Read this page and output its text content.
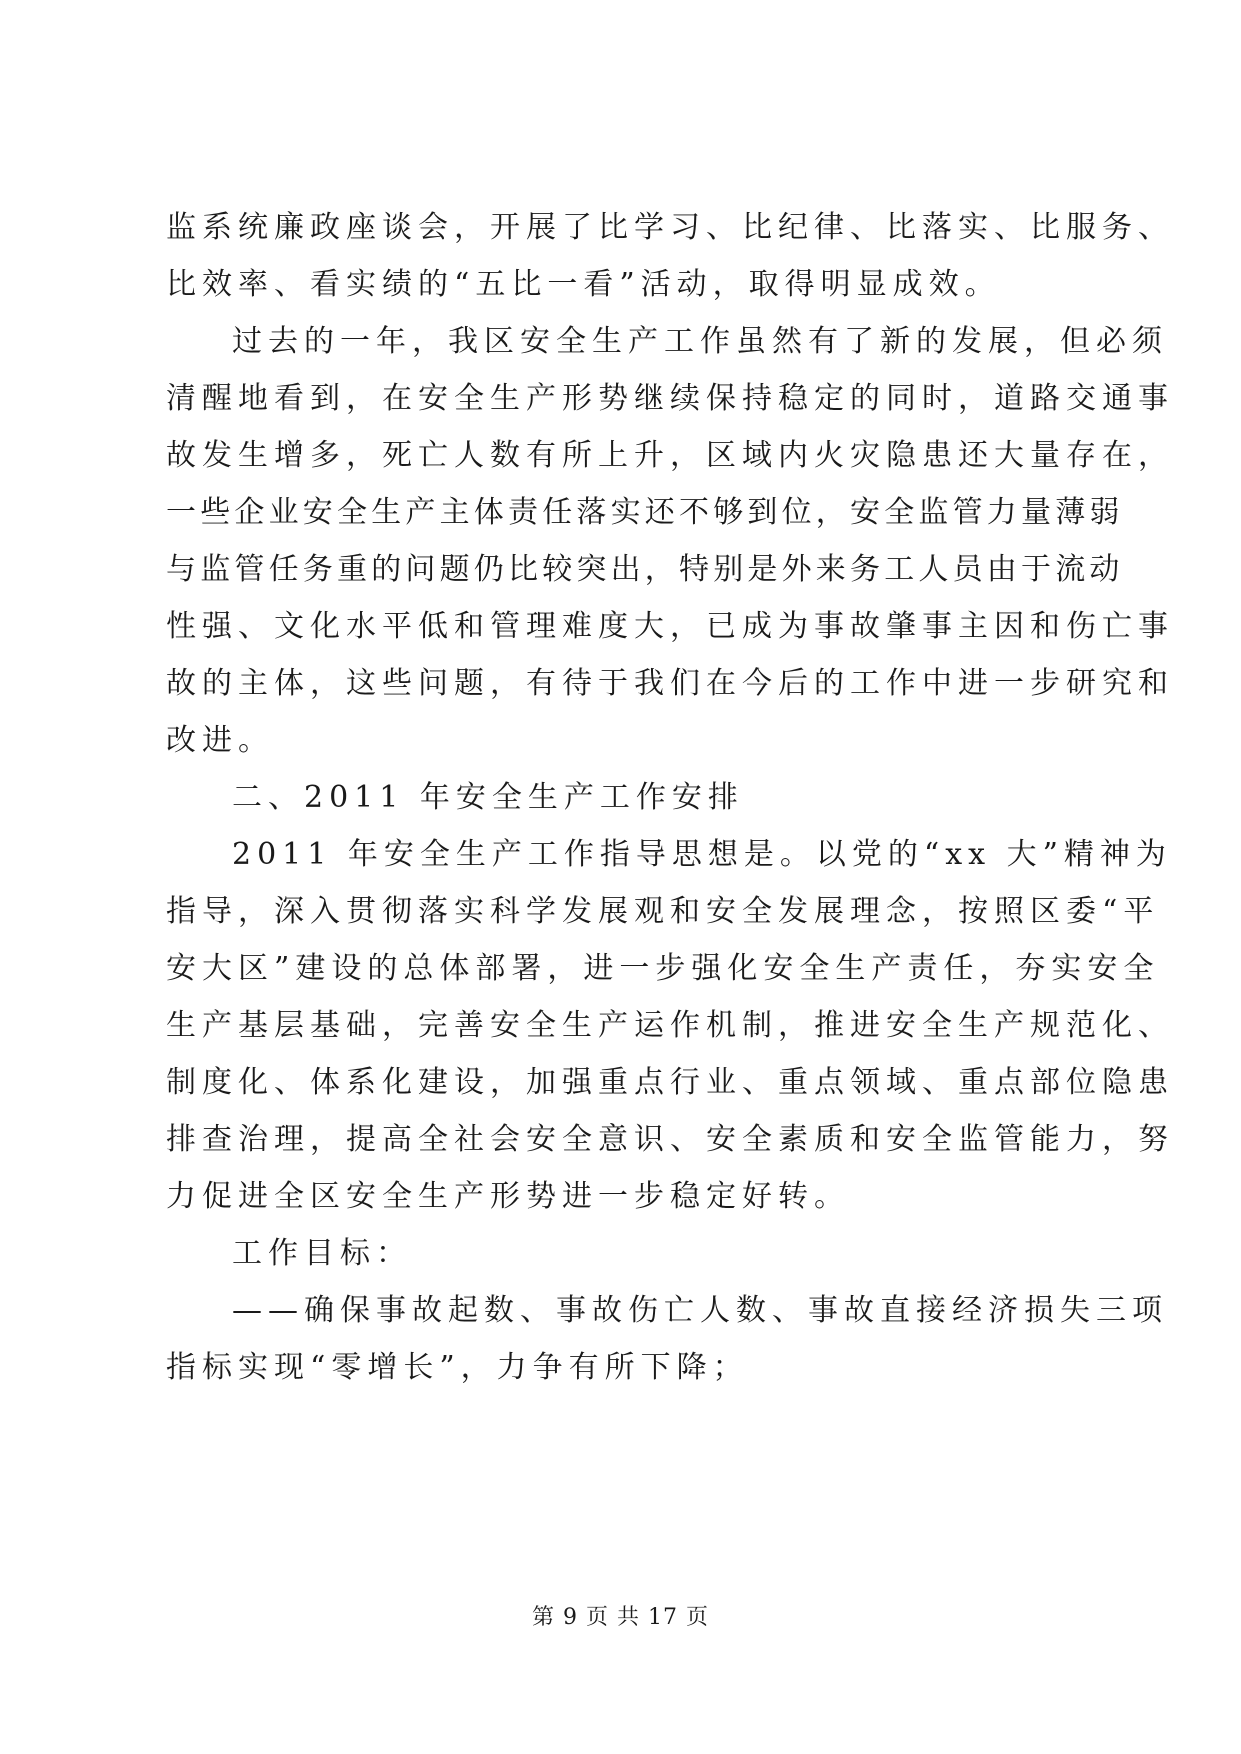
监系统廉政座谈会，开展了比学习、比纪律、比落实、比服务、
比效率、看实绩的“五比一看”活动，取得明显成效。
过去的一年，我区安全生产工作虽然有了新的发展，但必须
清醒地看到，在安全生产形势继续保持稳定的同时，道路交通事
故发生增多，死亡人数有所上升，区域内火灾隐患还大量存在，
一些企业安全生产主体责任落实还不够到位，安全监管力量薄弱
与监管任务重的问题仍比较突出，特别是外来务工人员由于流动
性强、文化水平低和管理难度大，已成为事故肇事主因和伤亡事
故的主体，这些问题，有待于我们在今后的工作中进一步研究和
改进。
二、2011 年安全生产工作安排
2011 年安全生产工作指导思想是。以党的“xx 大”精神为
指导，深入贯彻落实科学发展观和安全发展理念，按照区委“平
安大区”建设的总体部署，进一步强化安全生产责任，夯实安全
生产基层基础，完善安全生产运作机制，推进安全生产规范化、
制度化、体系化建设，加强重点行业、重点领域、重点部位隐患
排查治理，提高全社会安全意识、安全素质和安全监管能力，努
力促进全区安全生产形势进一步稳定好转。
工作目标：
——确保事故起数、事故伤亡人数、事故直接经济损失三项
指标实现“零增长”，力争有所下降；
第 9 页 共 17 页
